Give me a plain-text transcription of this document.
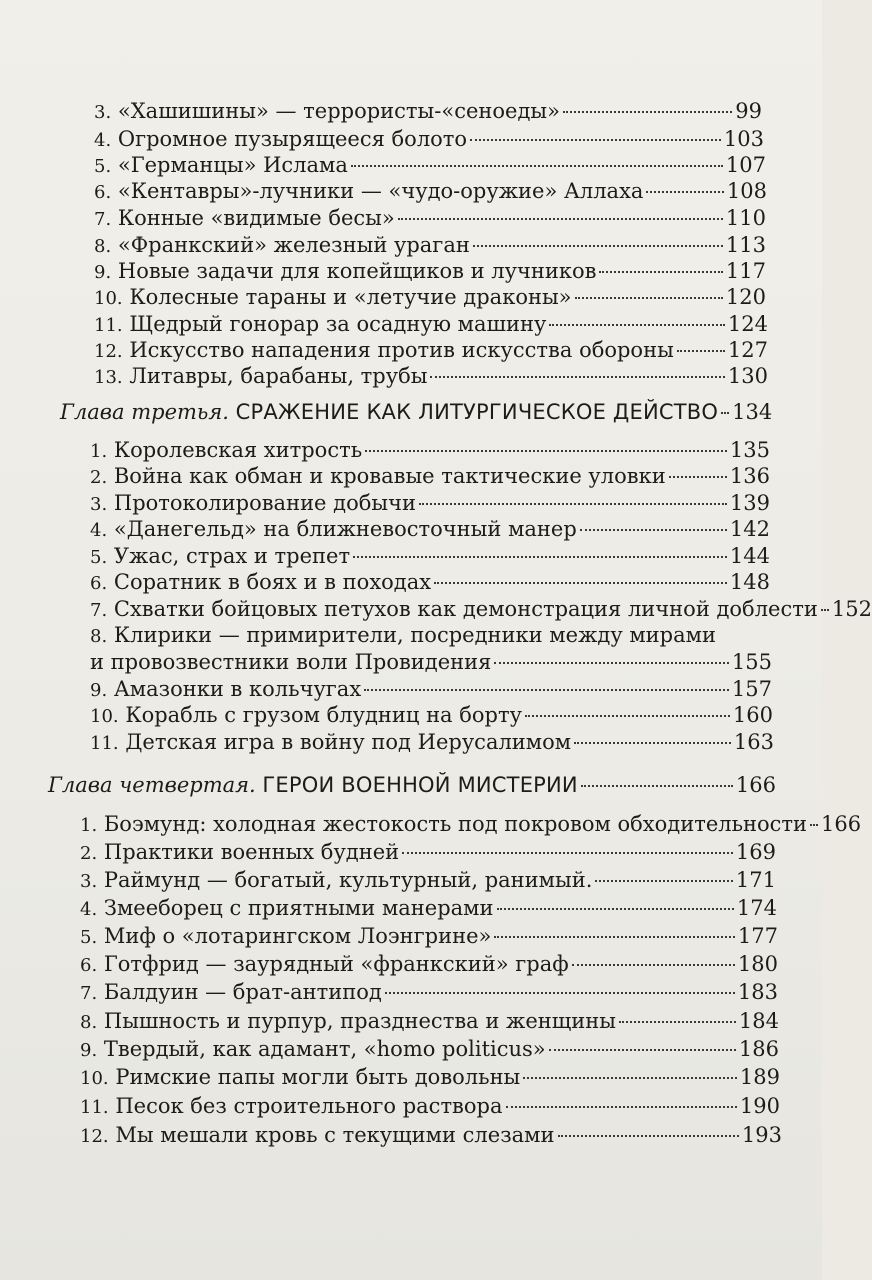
3. «Хашишины» — террористы-«сеноеды»	99
4. Огромное пузырящееся болото	103
5. «Германцы» Ислама	107
6. «Кентавры»-лучники — «чудо-оружие» Аллаха	108
7. Конные «видимые бесы»	110
8. «Франкский» железный ураган	113
9. Новые задачи для копейщиков и лучников	117
10. Колесные тараны и «летучие драконы»	120
11. Щедрый гонорар за осадную машину	124
12. Искусство нападения против искусства обороны	127
13. Литавры, барабаны, трубы	130
Глава третья. СРАЖЕНИЕ КАК ЛИТУРГИЧЕСКОЕ ДЕЙСТВО 134
1. Королевская хитрость	135
2. Война как обман и кровавые тактические уловки	136
3. Протоколирование добычи	139
4. «Данегельд» на ближневосточный манер	142
5. Ужас, страх и трепет	144
6. Соратник в боях и в походах	148
7. Схватки бойцовых петухов как демонстрация личной доблести 152
8. Клирики — примирители, посредники между мирами
и провозвестники воли Провидения	155
9. Амазонки в кольчугах	157
10. Корабль с грузом блудниц на борту	160
11. Детская игра в войну под Иерусалимом	163
Глава четвертая. ГЕРОИ ВОЕННОЙ МИСТЕРИИ	166
1. Боэмунд: холодная жестокость под покровом обходительности 166
2. Практики военных будней	169
3. Раймунд — богатый, культурный, ранимый.	171
4. Змееборец с приятными манерами	174
5. Миф о «лотарингском Лоэнгрине»	177
6. Готфрид — заурядный «франкский» граф	180
7. Балдуин — брат-антипод	183
8. Пышность и пурпур, празднества и женщины	184
9. Твердый, как адамант, «homo politicus»	186
10. Римские папы могли быть довольны	189
11. Песок без строительного раствора	190
12. Мы мешали кровь с текущими слезами	193
